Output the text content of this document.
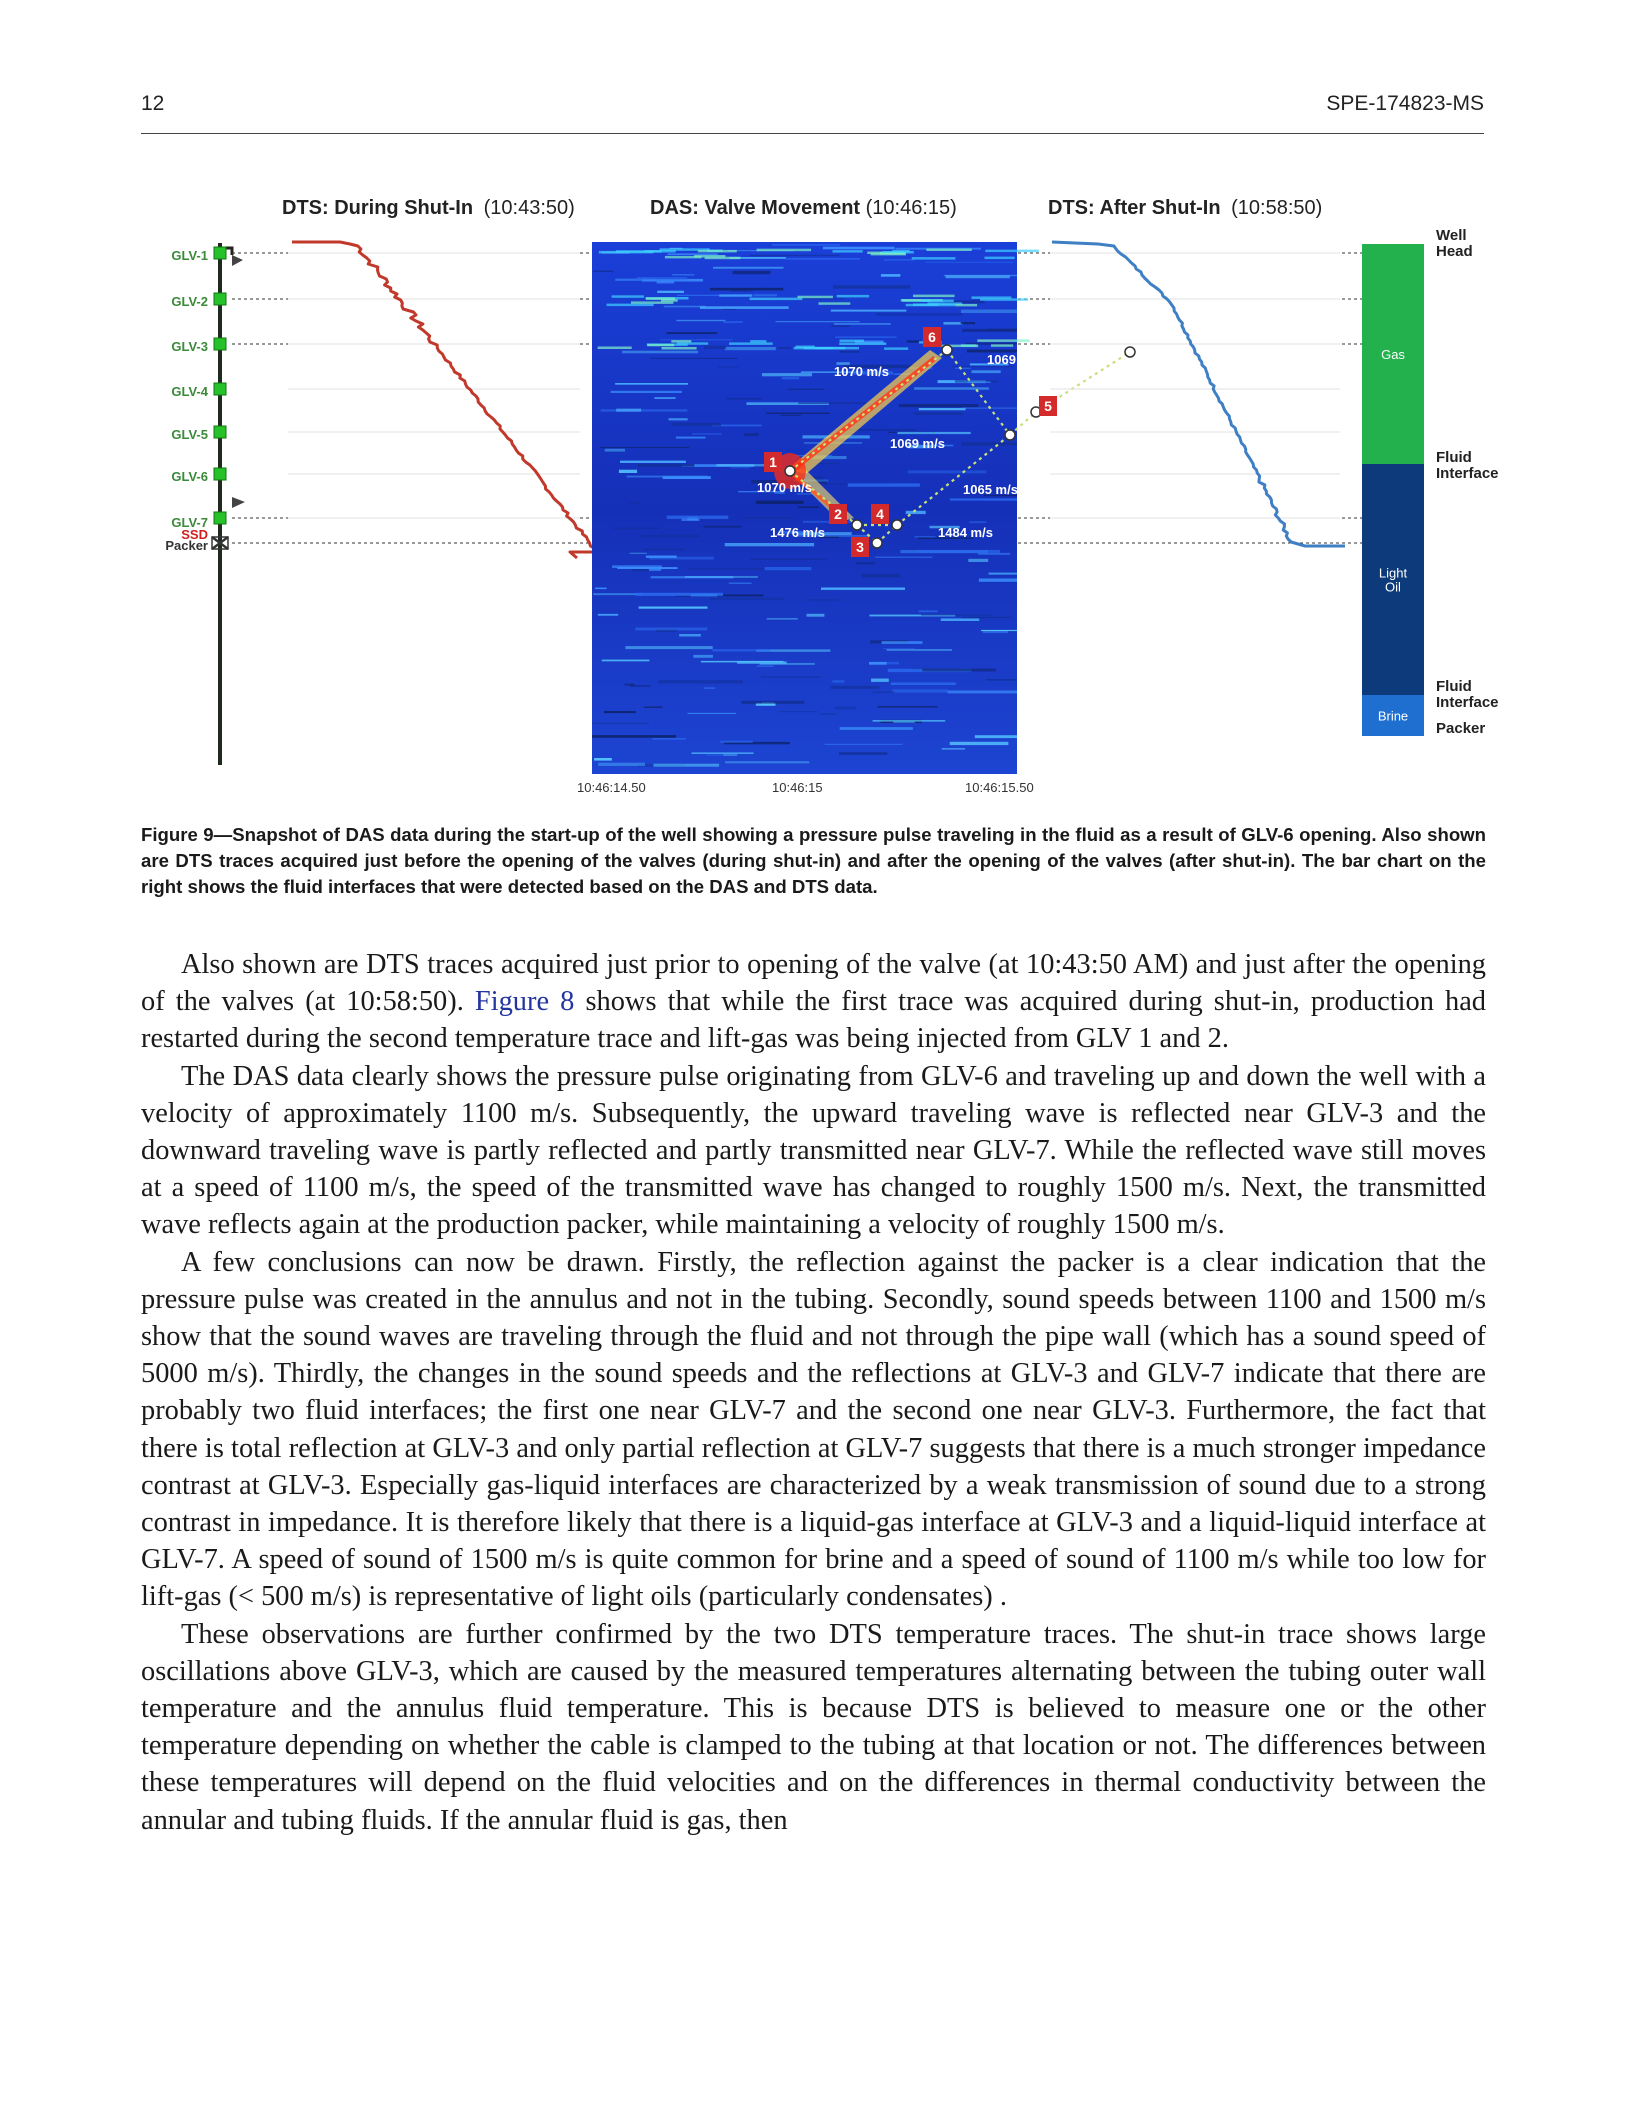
12	SPE-174823-MS
DTS: During Shut-In (10:43:50)	DAS: Valve Movement (10:46:15)	DTS: After Shut-In (10:58:50)
GLV-1
GLV-2
GLV-3
GLV-4
GLV-5
GLV-6
GLV-7
SSD
Packer
1
2
3
4
5
6
1070 m/s
1069 m/s
1069 m/s
1065 m/s
1070 m/s
1476 m/s	1484 m/s
10:46:14.50	10:46:15	10:46:15.50
Gas
Light
Oil
Brine
Well Head
Fluid Interface
Fluid Interface
Packer
Figure 9—Snapshot of DAS data during the start-up of the well showing a pressure pulse traveling in the fluid as a result of GLV-6 opening. Also shown are DTS traces acquired just before the opening of the valves (during shut-in) and after the opening of the valves (after shut-in). The bar chart on the right shows the fluid interfaces that were detected based on the DAS and DTS data.

Also shown are DTS traces acquired just prior to opening of the valve (at 10:43:50 AM) and just after the opening of the valves (at 10:58:50). Figure 8 shows that while the first trace was acquired during shut-in, production had restarted during the second temperature trace and lift-gas was being injected from GLV 1 and 2.

The DAS data clearly shows the pressure pulse originating from GLV-6 and traveling up and down the well with a velocity of approximately 1100 m/s. Subsequently, the upward traveling wave is reflected near GLV-3 and the downward traveling wave is partly reflected and partly transmitted near GLV-7. While the reflected wave still moves at a speed of 1100 m/s, the speed of the transmitted wave has changed to roughly 1500 m/s. Next, the transmitted wave reflects again at the production packer, while maintaining a velocity of roughly 1500 m/s.

A few conclusions can now be drawn. Firstly, the reflection against the packer is a clear indication that the pressure pulse was created in the annulus and not in the tubing. Secondly, sound speeds between 1100 and 1500 m/s show that the sound waves are traveling through the fluid and not through the pipe wall (which has a sound speed of 5000 m/s). Thirdly, the changes in the sound speeds and the reflections at GLV-3 and GLV-7 indicate that there are probably two fluid interfaces; the first one near GLV-7 and the second one near GLV-3. Furthermore, the fact that there is total reflection at GLV-3 and only partial reflection at GLV-7 suggests that there is a much stronger impedance contrast at GLV-3. Especially gas-liquid interfaces are characterized by a weak transmission of sound due to a strong contrast in impedance. It is therefore likely that there is a liquid-gas interface at GLV-3 and a liquid-liquid interface at GLV-7. A speed of sound of 1500 m/s is quite common for brine and a speed of sound of 1100 m/s while too low for lift-gas (< 500 m/s) is representative of light oils (particularly condensates) .

These observations are further confirmed by the two DTS temperature traces. The shut-in trace shows large oscillations above GLV-3, which are caused by the measured temperatures alternating between the tubing outer wall temperature and the annulus fluid temperature. This is because DTS is believed to measure one or the other temperature depending on whether the cable is clamped to the tubing at that location or not. The differences between these temperatures will depend on the fluid velocities and on the differences in thermal conductivity between the annular and tubing fluids. If the annular fluid is gas, then
